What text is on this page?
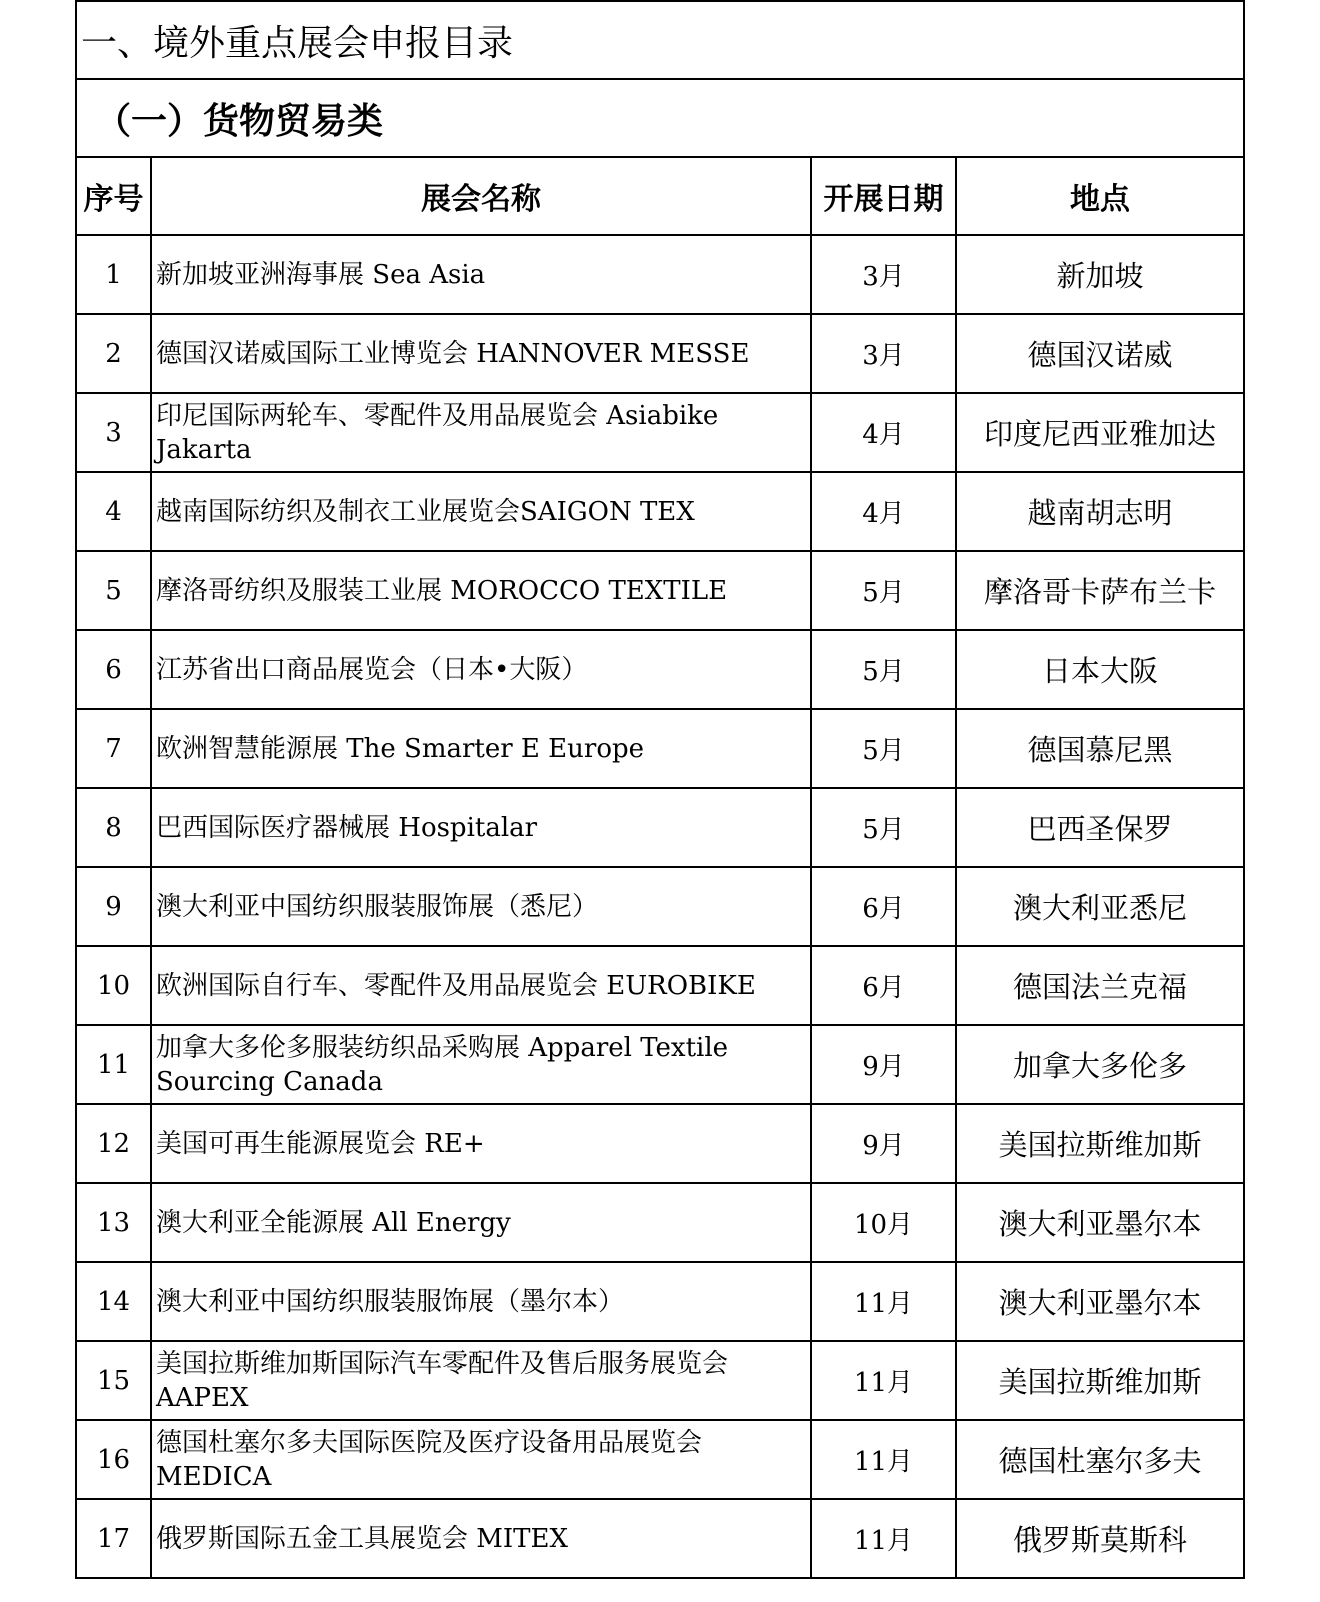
一、境外重点展会申报目录			
（一）货物贸易类			
序号	展会名称	开展日期	地点
1	新加坡亚洲海事展 Sea Asia	3月	新加坡
2	德国汉诺威国际工业博览会 HANNOVER MESSE	3月	德国汉诺威
3	印尼国际两轮车、零配件及用品展览会 Asiabike Jakarta	4月	印度尼西亚雅加达
4	越南国际纺织及制衣工业展览会SAIGON TEX	4月	越南胡志明
5	摩洛哥纺织及服装工业展 MOROCCO TEXTILE	5月	摩洛哥卡萨布兰卡
6	江苏省出口商品展览会（日本•大阪）	5月	日本大阪
7	欧洲智慧能源展 The Smarter E Europe	5月	德国慕尼黑
8	巴西国际医疗器械展 Hospitalar	5月	巴西圣保罗
9	澳大利亚中国纺织服装服饰展（悉尼）	6月	澳大利亚悉尼
10	欧洲国际自行车、零配件及用品展览会 EUROBIKE	6月	德国法兰克福
11	加拿大多伦多服装纺织品采购展 Apparel Textile Sourcing Canada	9月	加拿大多伦多
12	美国可再生能源展览会 RE+	9月	美国拉斯维加斯
13	澳大利亚全能源展 All Energy	10月	澳大利亚墨尔本
14	澳大利亚中国纺织服装服饰展（墨尔本）	11月	澳大利亚墨尔本
15	美国拉斯维加斯国际汽车零配件及售后服务展览会 AAPEX	11月	美国拉斯维加斯
16	德国杜塞尔多夫国际医院及医疗设备用品展览会 MEDICA	11月	德国杜塞尔多夫
17	俄罗斯国际五金工具展览会 MITEX	11月	俄罗斯莫斯科
